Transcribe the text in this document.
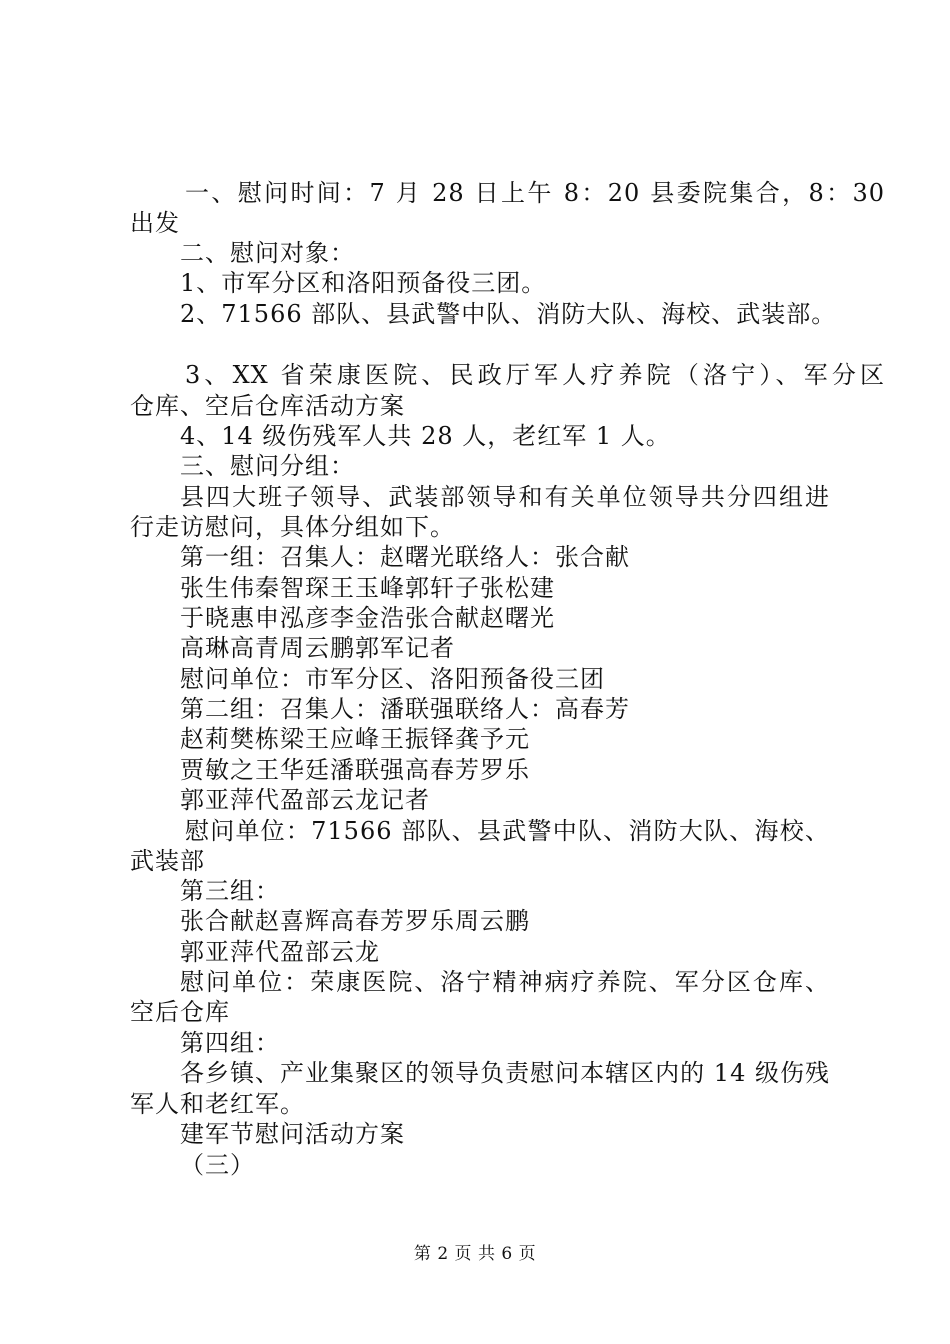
一、慰问时间：7 月 28 日上午 8：20 县委院集合，8：30
出发
二、慰问对象：
1、市军分区和洛阳预备役三团。
2、71566 部队、县武警中队、消防大队、海校、武装部。
3、XX 省荣康医院、民政厅军人疗养院（洛宁）、军分区
仓库、空后仓库活动方案
4、14 级伤残军人共 28 人，老红军 1 人。
三、慰问分组：
县四大班子领导、武装部领导和有关单位领导共分四组进
行走访慰问，具体分组如下。
第一组：召集人：赵曙光联络人：张合献
张生伟秦智琛王玉峰郭轩子张松建
于晓惠申泓彦李金浩张合献赵曙光
高琳高青周云鹏郭军记者
慰问单位：市军分区、洛阳预备役三团
第二组：召集人：潘联强联络人：高春芳
赵莉樊栋梁王应峰王振铎龚予元
贾敏之王华廷潘联强高春芳罗乐
郭亚萍代盈部云龙记者
慰问单位：71566 部队、县武警中队、消防大队、海校、
武装部
第三组：
张合献赵喜辉高春芳罗乐周云鹏
郭亚萍代盈部云龙
慰问单位：荣康医院、洛宁精神病疗养院、军分区仓库、
空后仓库
第四组：
各乡镇、产业集聚区的领导负责慰问本辖区内的 14 级伤残
军人和老红军。
建军节慰问活动方案
（三）
第 2 页 共 6 页
